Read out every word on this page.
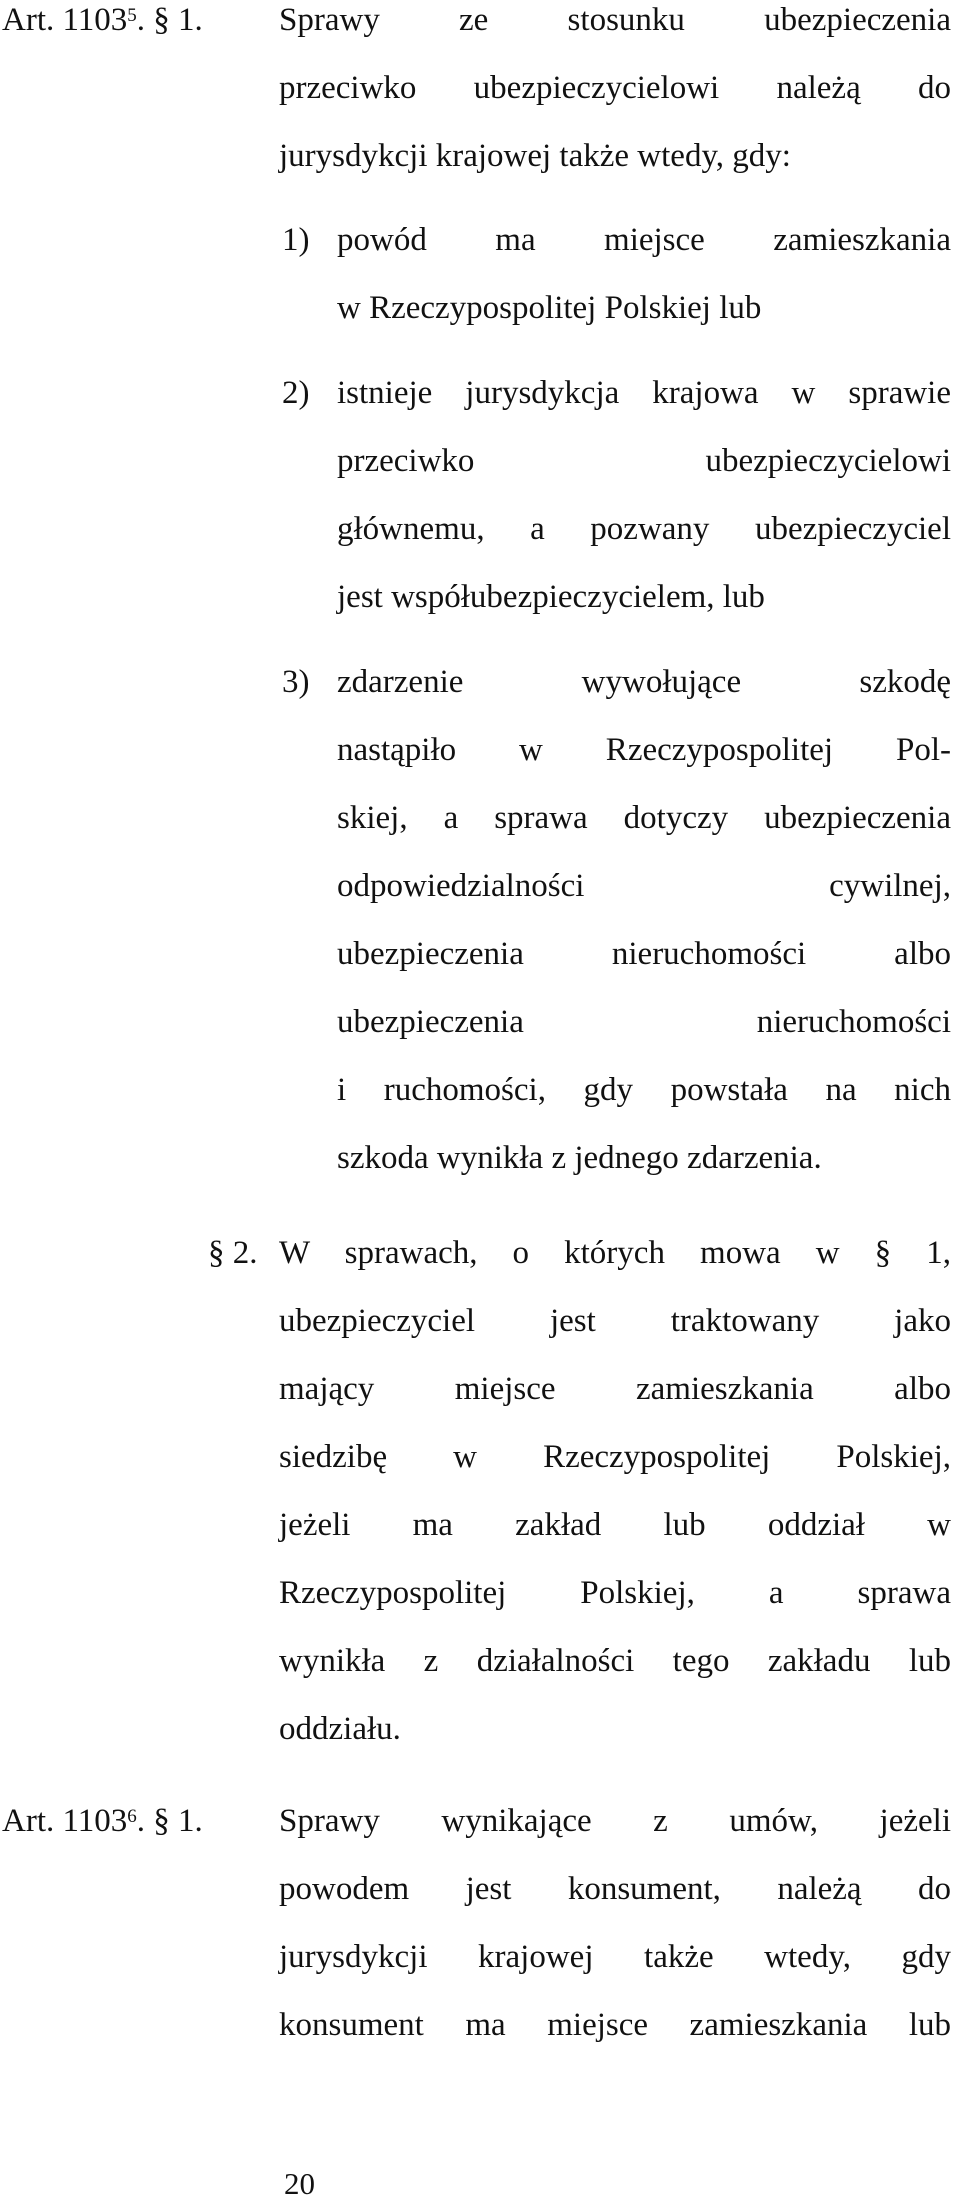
Art. 1103$^5$. § 1. Sprawy ze stosunku ubezpieczenia
przeciwko ubezpieczycielowi należą do
jurysdykcji krajowej także wtedy, gdy:
1) powód ma miejsce zamieszkania
w Rzeczypospolitej Polskiej lub
2) istnieje jurysdykcja krajowa w sprawie
przeciwko ubezpieczycielowi
głównemu, a pozwany ubezpieczyciel
jest współubezpieczycielem, lub
3) zdarzenie wywołujące szkodę
nastąpiło w Rzeczypospolitej Pol-
skiej, a sprawa dotyczy ubezpieczenia
odpowiedzialności cywilnej,
ubezpieczenia nieruchomości albo
ubezpieczenia nieruchomości
i ruchomości, gdy powstała na nich
szkoda wynikła z jednego zdarzenia.
§ 2. W sprawach, o których mowa w § 1,
ubezpieczyciel jest traktowany jako
mający miejsce zamieszkania albo
siedzibę w Rzeczypospolitej Polskiej,
jeżeli ma zakład lub oddział w
Rzeczypospolitej Polskiej, a sprawa
wynikła z działalności tego zakładu lub
oddziału.
Art. 1103$^6$. § 1. Sprawy wynikające z umów, jeżeli
powodem jest konsument, należą do
jurysdykcji krajowej także wtedy, gdy
konsument ma miejsce zamieszkania lub
20
